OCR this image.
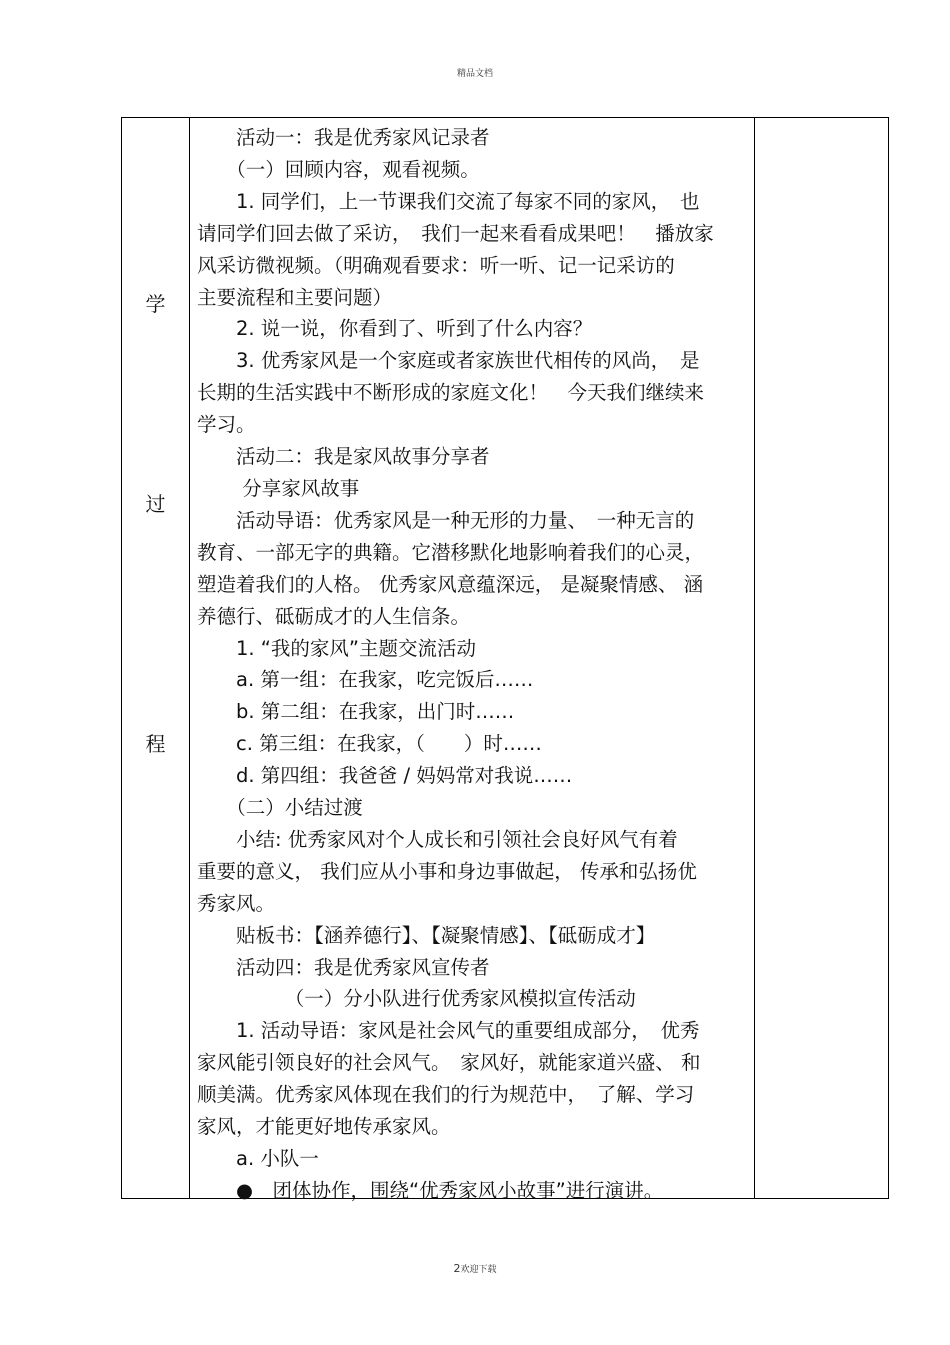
精品文档
学
过
程

　　活动一：我是优秀家风记录者

　　（一）回顾内容，观看视频。

　　1. 同学们，上一节课我们交流了每家不同的家风，　也

请同学们回去做了采访，　我们一起来看看成果吧！　播放家

风采访微视频。（明确观看要求：听一听、记一记采访的

主要流程和主要问题）

　　2. 说一说，你看到了、听到了什么内容？

　　3. 优秀家风是一个家庭或者家族世代相传的风尚，　是

长期的生活实践中不断形成的家庭文化！　今天我们继续来

学习。

　　活动二：我是家风故事分享者

　　 分享家风故事

　　活动导语：优秀家风是一种无形的力量、　一种无言的

教育、一部无字的典籍。它潜移默化地影响着我们的心灵，

塑造着我们的人格。 优秀家风意蕴深远， 是凝聚情感、 涵

养德行、砥砺成才的人生信条。

　　1. “我的家风”主题交流活动

　　a. 第一组：在我家，吃完饭后……

　　b. 第二组：在我家，出门时……

　　c. 第三组：在我家，（　　）时……

　　d. 第四组：我爸爸 / 妈妈常对我说……

　　（二）小结过渡

　　小结: 优秀家风对个人成长和引领社会良好风气有着

重要的意义， 我们应从小事和身边事做起， 传承和弘扬优

秀家风。

　　贴板书：【涵养德行】、【凝聚情感】、【砥砺成才】

　　活动四：我是优秀家风宣传者

　　　　　（一）分小队进行优秀家风模拟宣传活动

　　1. 活动导语：家风是社会风气的重要组成部分，　优秀

家风能引领良好的社会风气。　家风好，就能家道兴盛、 和

顺美满。优秀家风体现在我们的行为规范中，　了解、学习

家风，才能更好地传承家风。

　　a. 小队一

　　●　团体协作，围绕“优秀家风小故事”进行演讲。

2欢迎下载
